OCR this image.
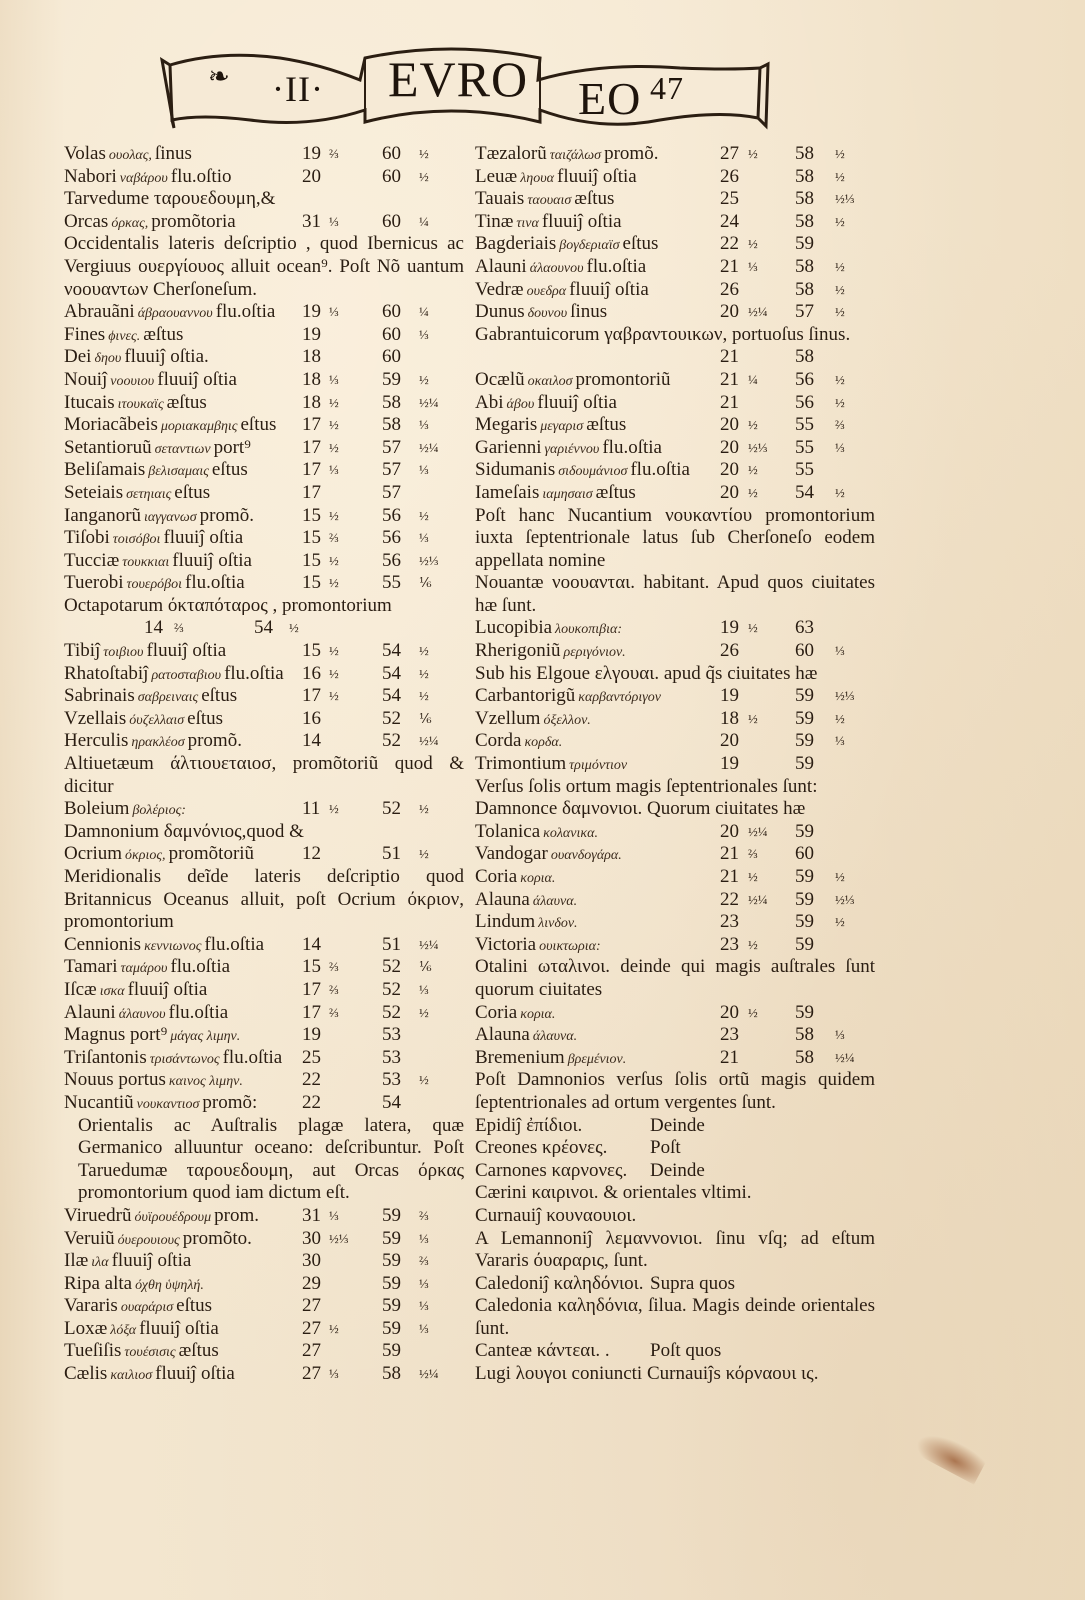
❧ ·II· EVRO EO 47
Volas ουολας, ſinus	19 ⅔ 60 ½
Nabori ναβάρου flu.oſtio	20	60 ½
Tarvedume ταρουεδουμη,&
Orcas όρκας, promõtoria	31 ⅓ 60 ¼
Occidentalis lateris deſcriptio , quod Ibernicus ac Vergiuus ουεργίουος alluit ocean⁹. Poſt Nõ uantum νοουαντων Cherſoneſum.
Abrauãni άβραουαννου flu.oſtia 19 ⅓ 60 ¼
Fines ϕινες. æſtus	19	60 ⅓
Dei δηου fluuiĵ oſtia.	18	60
Nouiĵ νοουιου fluuiĵ oſtia	18 ⅓ 59 ½
Itucais ιτουκαϊς æſtus	18 ½ 58 ½¼
Moriacãbeis μοριακαμβηις eſtus 17 ½ 58 ⅓
Setantioruũ σεταντιων port⁹	17 ½ 57 ½¼
Beliſamais βελισαμαις eſtus	17 ⅓ 57 ⅓
Seteiais σετηιαις eſtus	17	57
Ianganorũ ιαγγανωσ promõ.	15 ½ 56 ½
Tiſobi τοισόβοι fluuiĵ oſtia	15 ⅔ 56 ⅓
Tucciæ τουκκιαι fluuiĵ oſtia	15 ½ 56 ½⅓
Tuerobi τουερόβοι flu.oſtia	15 ½ 55 ⅙
Octapotarum όκταπόταρος , promontorium
14 ⅔	54 ½
Tibiĵ τοιβιου fluuiĵ oſtia	15 ½ 54 ½
Rhatoſtabiĵ ρατοσταβιου flu.oſtia 16 ½ 54 ½
Sabrinais σαβρειναις eſtus	17 ½ 54 ½
Vzellais όυζελλαισ eſtus	16	52 ⅙
Herculis ηρακλέοσ promõ.	14	52 ½¼
Altiuetæum άλτιουεταιοσ, promõtoriũ quod & dicitur
Boleium βολέριος:	11 ½ 52 ½
Damnonium δαμνόνιος,quod &
Ocrium όκριος, promõtoriũ	12	51 ½
Meridionalis deĩde lateris deſcriptio quod Britannicus Oceanus alluit, poſt Ocrium όκριον, promontorium
Cennionis κεννιωνος flu.oſtia 14	51 ½¼
Tamari ταμάρου flu.oſtia	15 ⅔ 52 ⅙
Iſcæ ισκα fluuiĵ oſtia	17 ⅔ 52 ⅓
Alauni άλαυνου flu.oſtia	17 ⅔ 52 ½
Magnus port⁹ μάγας λιμην.	19	53
Triſantonis τρισάντωνος flu.oſtia 25	53
Nouus portus καινος λιμην.	22	53 ½
Nucantiũ νουκαντιοσ promõ: 22	54
Orientalis ac Auſtralis plagæ latera, quæ Germanico alluuntur oceano: deſcribuntur. Poſt Taruedumæ ταρουεδουμη, aut Orcas όρκας promontorium quod iam dictum eſt.
Viruedrũ όυϊρουέδρουμ prom. 31 ⅓ 59 ⅔
Veruiũ όυερουιους promõto.	30 ½⅓ 59 ⅓
Ilæ ιλα fluuiĵ oſtia	30	59 ⅔
Ripa alta όχθη ὑψηλή.	29	59 ⅓
Vararis ουαράρισ eſtus	27	59 ⅓
Loxæ λόξα fluuiĵ oſtia	27 ½ 59 ⅓
Tueſiſis τουέσισις æſtus	27	59
Cælis καιλιοσ fluuiĵ oſtia	27 ⅓ 58 ½¼
Tæzalorũ ταιζάλωσ promõ.	27 ½ 58 ½
Leuæ ληουα fluuiĵ oſtia	26	58 ½
Tauais ταουαισ æſtus	25	58 ½⅓
Tinæ τινα fluuiĵ oſtia	24	58 ½
Bagderiais βογδεριαϊσ eſtus	22 ½ 59
Alauni άλαουνου flu.oſtia	21 ⅓ 58 ½
Vedræ ουεδρα fluuiĵ oſtia	26	58 ½
Dunus δουνου ſinus	20 ½¼ 57 ½
Gabrantuicorum γαβραντουικων, portuoſus ſinus.
21	58
Ocælũ οκαιλοσ promontoriũ	21 ¼ 56 ½
Abi άβου fluuiĵ oſtia	21	56 ½
Megaris μεγαρισ æſtus	20 ½ 55 ⅔
Garienni γαριέννου flu.oſtia	20 ½⅓ 55 ⅓
Sidumanis σιδουμάνιοσ flu.oſtia 20 ½ 55
Iameſais ιαμησαισ æſtus	20 ½ 54 ½
Poſt hanc Nucantium νουκαντίου promontorium iuxta ſeptentrionale latus ſub Cherſoneſo eodem appellata nomine
Nouantæ νοουανται. habitant. Apud quos ciuitates hæ ſunt.
Lucopibia λουκοπιβια:	19 ½ 63
Rherigoniũ ρεριγόνιον.	26	60 ⅓
Sub his Elgoue ελγουαι. apud q̃s ciuitates hæ
Carbantorigũ καρβαντόριγον	19	59 ½⅓
Vzellum όξελλον.	18 ½ 59 ½
Corda κορδα.	20	59 ⅓
Trimontium τριμόντιον	19	59
Verſus ſolis ortum magis ſeptentrionales ſunt:
Damnonce δαμνονιοι. Quorum ciuitates hæ
Tolanica κολανικα.	20 ½¼ 59
Vandogar ουανδογάρα.	21 ⅔ 60
Coria κορια.	21 ½ 59 ½
Alauna άλαυνα.	22 ½¼ 59 ½⅓
Lindum λινδον.	23	59 ½
Victoria ουικτωρια:	23 ½ 59
Otalini ωταλινοι. deinde qui magis auſtrales ſunt quorum ciuitates
Coria κορια.	20 ½ 59
Alauna άλαυνα.	23	58 ⅓
Bremenium βρεμένιον.	21	58 ½¼
Poſt Damnonios verſus ſolis ortũ magis quidem ſeptentrionales ad ortum vergentes ſunt.
Epidiĵ ἐπίδιοι.	Deinde
Creones κρέονες. Poſt
Carnones καρνονες. Deinde
Cærini καιρινοι. & orientales vltimi.
Curnauiĵ κουναουιοι.
A Lemannoniĵ λεμαννονιοι. ſinu vſq; ad eſtum Vararis όυαραρις, ſunt.
Caledoniĵ καληδόνιοι. Supra quos
Caledonia καληδόνια, ſilua. Magis deinde orientales ſunt.
Canteæ κάντεαι. . Poſt quos
Lugi λουγοι coniuncti Curnauiĵs κόρναουι ις.
